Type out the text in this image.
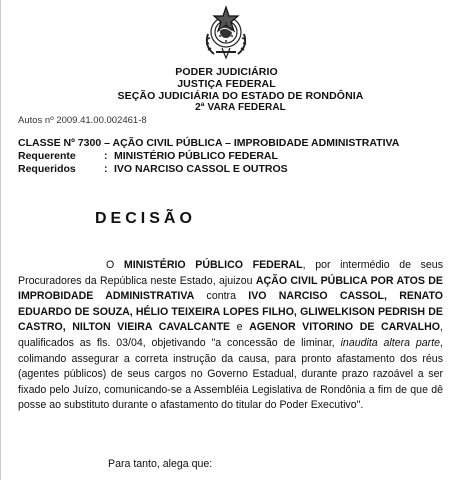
PODER JUDICIÁRIO
JUSTIÇA FEDERAL
SEÇÃO JUDICIÁRIA DO ESTADO DE RONDÔNIA
2ª VARA FEDERAL
Autos nº 2009.41.00.002461-8
CLASSE Nº 7300 – AÇÃO CIVIL PÚBLICA – IMPROBIDADE ADMINISTRATIVA
Requerente	: MINISTÉRIO PÚBLICO FEDERAL
Requeridos	: IVO NARCISO CASSOL E OUTROS
DECISÃO
O MINISTÉRIO PÚBLICO FEDERAL, por intermédio de seus Procuradores da República neste Estado, ajuizou AÇÃO CIVIL PÚBLICA POR ATOS DE IMPROBIDADE ADMINISTRATIVA contra IVO NARCISO CASSOL, RENATO EDUARDO DE SOUZA, HÉLIO TEIXEIRA LOPES FILHO, GLIWELKISON PEDRISH DE CASTRO, NILTON VIEIRA CAVALCANTE e AGENOR VITORINO DE CARVALHO, qualificados as fls. 03/04, objetivando "a concessão de liminar, inaudita altera parte, colimando assegurar a correta instrução da causa, para pronto afastamento dos réus (agentes públicos) de seus cargos no Governo Estadual, durante prazo razoável a ser fixado pelo Juízo, comunicando-se a Assembléia Legislativa de Rondônia a fim de que dê posse ao substituto durante o afastamento do titular do Poder Executivo".
Para tanto, alega que:
